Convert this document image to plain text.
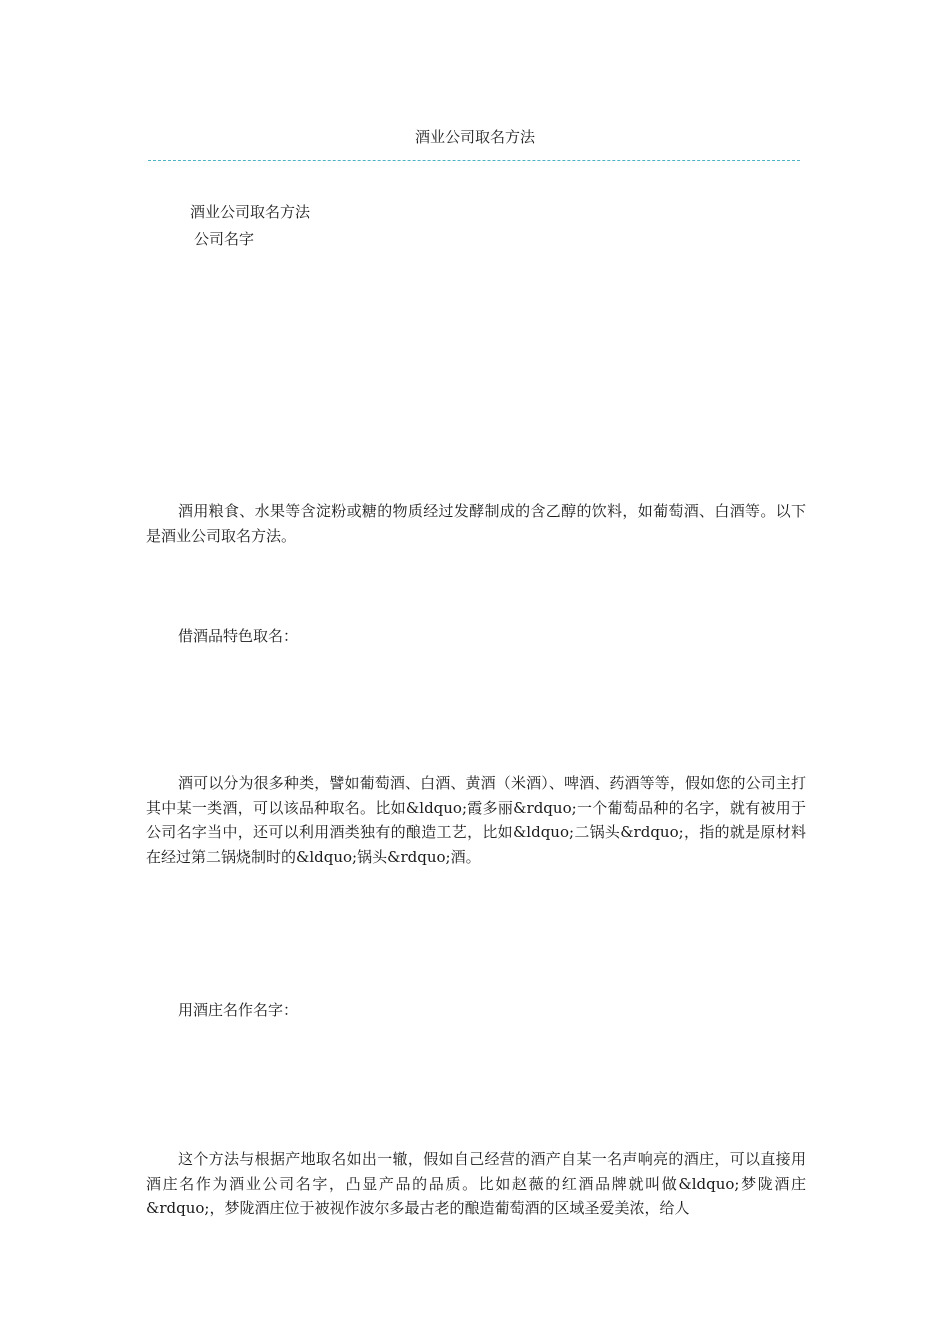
酒业公司取名方法
酒业公司取名方法
公司名字

酒用粮食、水果等含淀粉或糖的物质经过发酵制成的含乙醇的饮料，如葡萄酒、白酒等。以下是酒业公司取名方法。

借酒品特色取名：

酒可以分为很多种类，譬如葡萄酒、白酒、黄酒（米酒）、啤酒、药酒等等，假如您的公司主打其中某一类酒，可以该品种取名。比如&ldquo;霞多丽&rdquo;一个葡萄品种的名字，就有被用于公司名字当中，还可以利用酒类独有的酿造工艺，比如&ldquo;二锅头&rdquo;，指的就是原材料在经过第二锅烧制时的&ldquo;锅头&rdquo;酒。

用酒庄名作名字：

这个方法与根据产地取名如出一辙，假如自己经营的酒产自某一名声响亮的酒庄，可以直接用酒庄名作为酒业公司名字，凸显产品的品质。比如赵薇的红酒品牌就叫做&ldquo;梦陇酒庄&rdquo;，梦陇酒庄位于被视作波尔多最古老的酿造葡萄酒的区域圣爱美浓，给人
